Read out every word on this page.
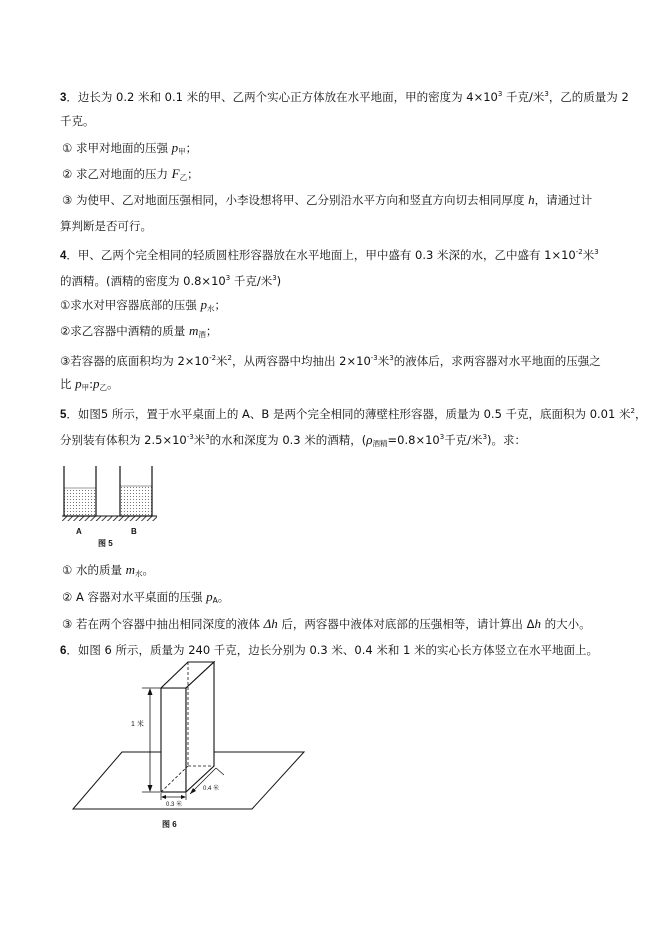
3．边长为 0.2 米和 0.1 米的甲、乙两个实心正方体放在水平地面，甲的密度为 $4\times 10^3$ 千克/米$^3$，乙的质量为 2
千克。
① 求甲对地面的压强 $p_甲$；
② 求乙对地面的压力 $F_乙$；
③ 为使甲、乙对地面压强相同，小李设想将甲、乙分别沿水平方向和竖直方向切去相同厚度 h，请通过计
算判断是否可行。
4．甲、乙两个完全相同的轻质圆柱形容器放在水平地面上，甲中盛有 0.3 米深的水，乙中盛有 $1\times 10^{-2}$米$^3$
的酒精。(酒精的密度为 $0.8\times 10^3$ 千克/米$^3$)
①求水对甲容器底部的压强 $p_水$；
②求乙容器中酒精的质量 $m_酒$；
③若容器的底面积均为 $2\times 10^{-2}$米$^2$，从两容器中均抽出 $2\times 10^{-3}$米$^3$的液体后，求两容器对水平地面的压强之
比 $p_甲:p_乙$。
5．如图5 所示，置于水平桌面上的 A、B 是两个完全相同的薄壁柱形容器，质量为 0.5 千克，底面积为 0.01 米$^2$，
分别装有体积为 $2.5\times 10^{-3}$米$^3$的水和深度为 0.3 米的酒精，($\rho_{酒精}=0.8\times 10^3$千克/米$^3$)。求：
A	B
图 5
① 水的质量 $m_水$。
② A 容器对水平桌面的压强 $p_A$。
③ 若在两个容器中抽出相同深度的液体 Δh 后，两容器中液体对底部的压强相等，请计算出 Δh 的大小。
6．如图 6 所示，质量为 240 千克，边长分别为 0.3 米、0.4 米和 1 米的实心长方体竖立在水平地面上。
1 米
0.4 米
0.3 米
图 6
